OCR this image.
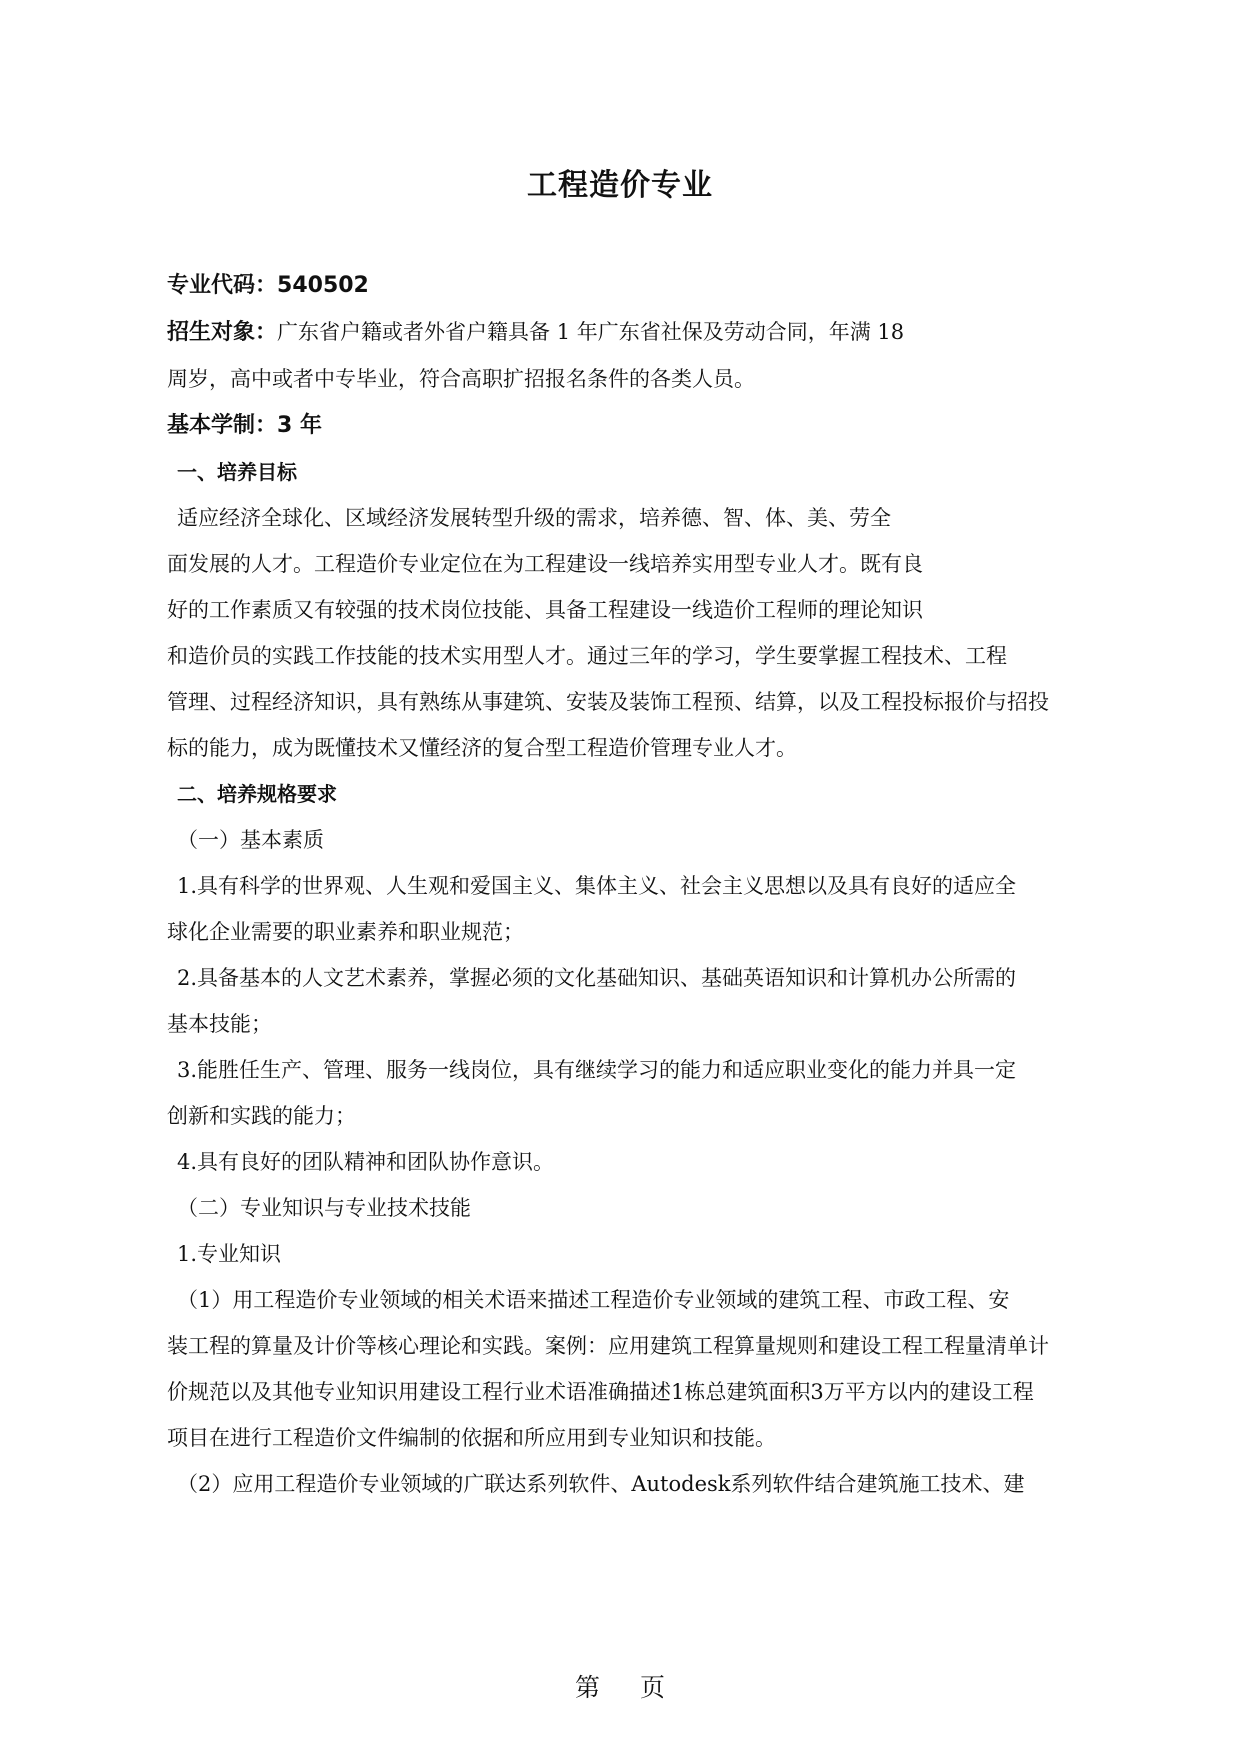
工程造价专业

专业代码：540502

招生对象：广东省户籍或者外省户籍具备 1 年广东省社保及劳动合同，年满 18

周岁，高中或者中专毕业，符合高职扩招报名条件的各类人员。

基本学制：3 年

一、培养目标

适应经济全球化、区域经济发展转型升级的需求，培养德、智、体、美、劳全

面发展的人才。工程造价专业定位在为工程建设一线培养实用型专业人才。既有良

好的工作素质又有较强的技术岗位技能、具备工程建设一线造价工程师的理论知识

和造价员的实践工作技能的技术实用型人才。通过三年的学习，学生要掌握工程技术、工程

管理、过程经济知识，具有熟练从事建筑、安装及装饰工程预、结算，以及工程投标报价与招投

标的能力，成为既懂技术又懂经济的复合型工程造价管理专业人才。

二、培养规格要求

（一）基本素质

1.具有科学的世界观、人生观和爱国主义、集体主义、社会主义思想以及具有良好的适应全

球化企业需要的职业素养和职业规范；

2.具备基本的人文艺术素养，掌握必须的文化基础知识、基础英语知识和计算机办公所需的

基本技能；

3.能胜任生产、管理、服务一线岗位，具有继续学习的能力和适应职业变化的能力并具一定

创新和实践的能力；

4.具有良好的团队精神和团队协作意识。

（二）专业知识与专业技术技能

1.专业知识

（1）用工程造价专业领域的相关术语来描述工程造价专业领域的建筑工程、市政工程、安

装工程的算量及计价等核心理论和实践。案例：应用建筑工程算量规则和建设工程工程量清单计

价规范以及其他专业知识用建设工程行业术语准确描述1栋总建筑面积3万平方以内的建设工程

项目在进行工程造价文件编制的依据和所应用到专业知识和技能。

（2）应用工程造价专业领域的广联达系列软件、Autodesk系列软件结合建筑施工技术、建

第 页
